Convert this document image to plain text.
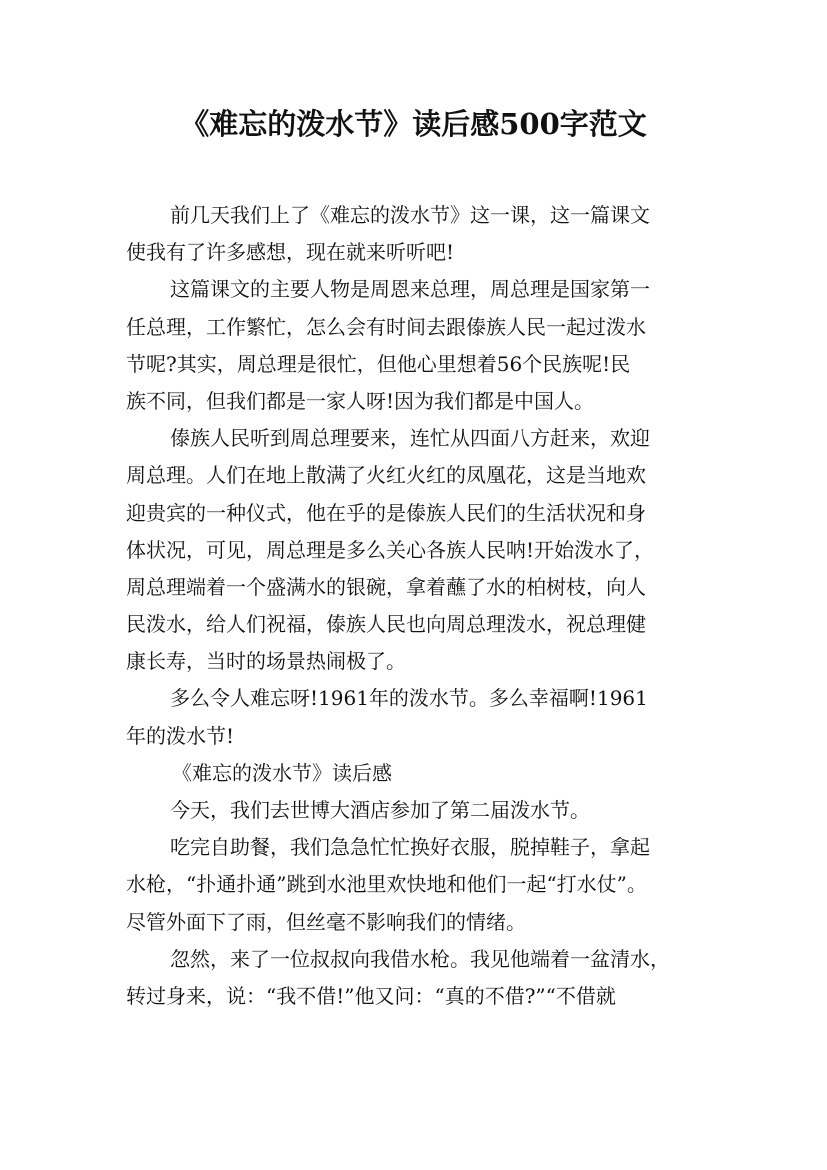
《难忘的泼水节》读后感500字范文
前几天我们上了《难忘的泼水节》这一课，这一篇课文
使我有了许多感想，现在就来听听吧!
这篇课文的主要人物是周恩来总理，周总理是国家第一
任总理，工作繁忙，怎么会有时间去跟傣族人民一起过泼水
节呢?其实，周总理是很忙，但他心里想着56个民族呢!民
族不同，但我们都是一家人呀!因为我们都是中国人。
傣族人民听到周总理要来，连忙从四面八方赶来，欢迎
周总理。人们在地上散满了火红火红的凤凰花，这是当地欢
迎贵宾的一种仪式，他在乎的是傣族人民们的生活状况和身
体状况，可见，周总理是多么关心各族人民呐!开始泼水了，
周总理端着一个盛满水的银碗，拿着蘸了水的柏树枝，向人
民泼水，给人们祝福，傣族人民也向周总理泼水，祝总理健
康长寿，当时的场景热闹极了。
多么令人难忘呀!1961年的泼水节。多么幸福啊!1961
年的泼水节!
《难忘的泼水节》读后感
今天，我们去世博大酒店参加了第二届泼水节。
吃完自助餐，我们急急忙忙换好衣服，脱掉鞋子，拿起
水枪，“扑通扑通”跳到水池里欢快地和他们一起“打水仗”。
尽管外面下了雨，但丝毫不影响我们的情绪。
忽然，来了一位叔叔向我借水枪。我见他端着一盆清水，
转过身来，说：“我不借!”他又问：“真的不借?”“不借就
